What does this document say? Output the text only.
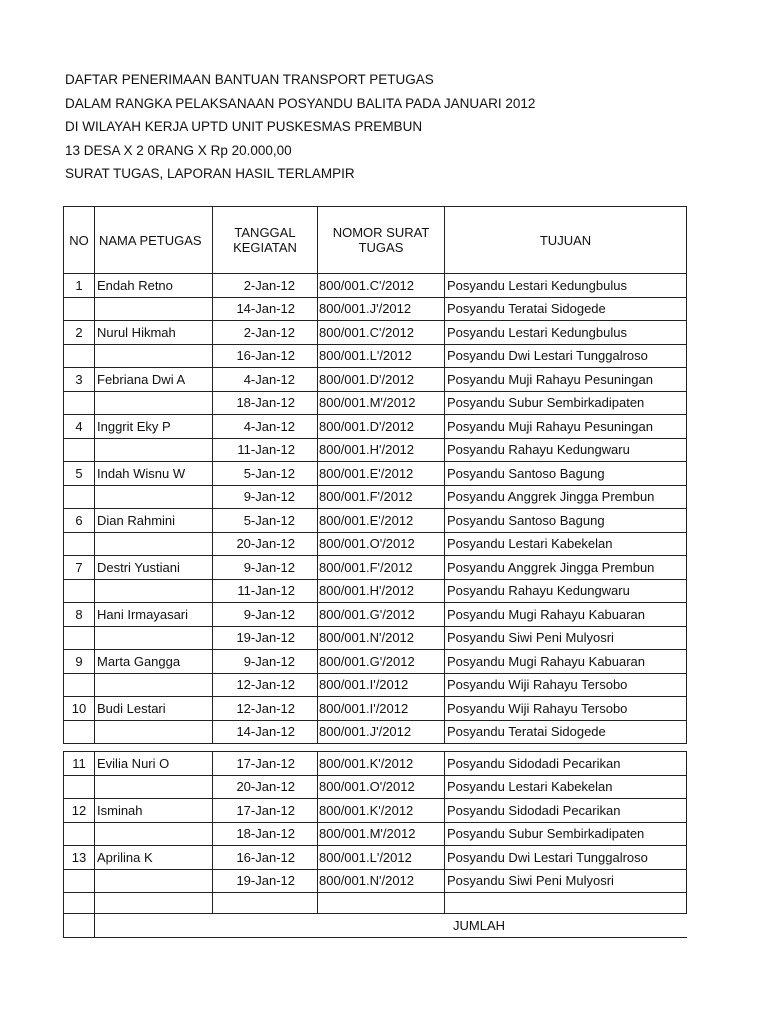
DAFTAR PENERIMAAN BANTUAN TRANSPORT PETUGAS
DALAM RANGKA PELAKSANAAN POSYANDU BALITA PADA JANUARI 2012
DI WILAYAH KERJA UPTD UNIT PUSKESMAS PREMBUN
13 DESA X 2 0RANG X Rp 20.000,00
SURAT TUGAS, LAPORAN HASIL TERLAMPIR
NO	NAMA PETUGAS	TANGGAL KEGIATAN	NOMOR SURAT TUGAS	TUJUAN
1	Endah Retno	2-Jan-12	800/001.C'/2012	Posyandu Lestari Kedungbulus
		14-Jan-12	800/001.J'/2012	Posyandu Teratai Sidogede
2	Nurul Hikmah	2-Jan-12	800/001.C'/2012	Posyandu Lestari Kedungbulus
		16-Jan-12	800/001.L'/2012	Posyandu Dwi Lestari Tunggalroso
3	Febriana Dwi A	4-Jan-12	800/001.D'/2012	Posyandu Muji Rahayu Pesuningan
		18-Jan-12	800/001.M'/2012	Posyandu Subur Sembirkadipaten
4	Inggrit Eky P	4-Jan-12	800/001.D'/2012	Posyandu Muji Rahayu Pesuningan
		11-Jan-12	800/001.H'/2012	Posyandu Rahayu Kedungwaru
5	Indah Wisnu W	5-Jan-12	800/001.E'/2012	Posyandu Santoso Bagung
		9-Jan-12	800/001.F'/2012	Posyandu Anggrek Jingga Prembun
6	Dian Rahmini	5-Jan-12	800/001.E'/2012	Posyandu Santoso Bagung
		20-Jan-12	800/001.O'/2012	Posyandu Lestari Kabekelan
7	Destri Yustiani	9-Jan-12	800/001.F'/2012	Posyandu Anggrek Jingga Prembun
		11-Jan-12	800/001.H'/2012	Posyandu Rahayu Kedungwaru
8	Hani Irmayasari	9-Jan-12	800/001.G'/2012	Posyandu Mugi Rahayu Kabuaran
		19-Jan-12	800/001.N'/2012	Posyandu Siwi Peni Mulyosri
9	Marta Gangga	9-Jan-12	800/001.G'/2012	Posyandu Mugi Rahayu Kabuaran
		12-Jan-12	800/001.I'/2012	Posyandu Wiji Rahayu Tersobo
10	Budi Lestari	12-Jan-12	800/001.I'/2012	Posyandu Wiji Rahayu Tersobo
		14-Jan-12	800/001.J'/2012	Posyandu Teratai Sidogede
11	Evilia Nuri O	17-Jan-12	800/001.K'/2012	Posyandu Sidodadi Pecarikan
		20-Jan-12	800/001.O'/2012	Posyandu Lestari Kabekelan
12	Isminah	17-Jan-12	800/001.K'/2012	Posyandu Sidodadi Pecarikan
		18-Jan-12	800/001.M'/2012	Posyandu Subur Sembirkadipaten
13	Aprilina K	16-Jan-12	800/001.L'/2012	Posyandu Dwi Lestari Tunggalroso
		19-Jan-12	800/001.N'/2012	Posyandu Siwi Peni Mulyosri

	JUMLAH			
